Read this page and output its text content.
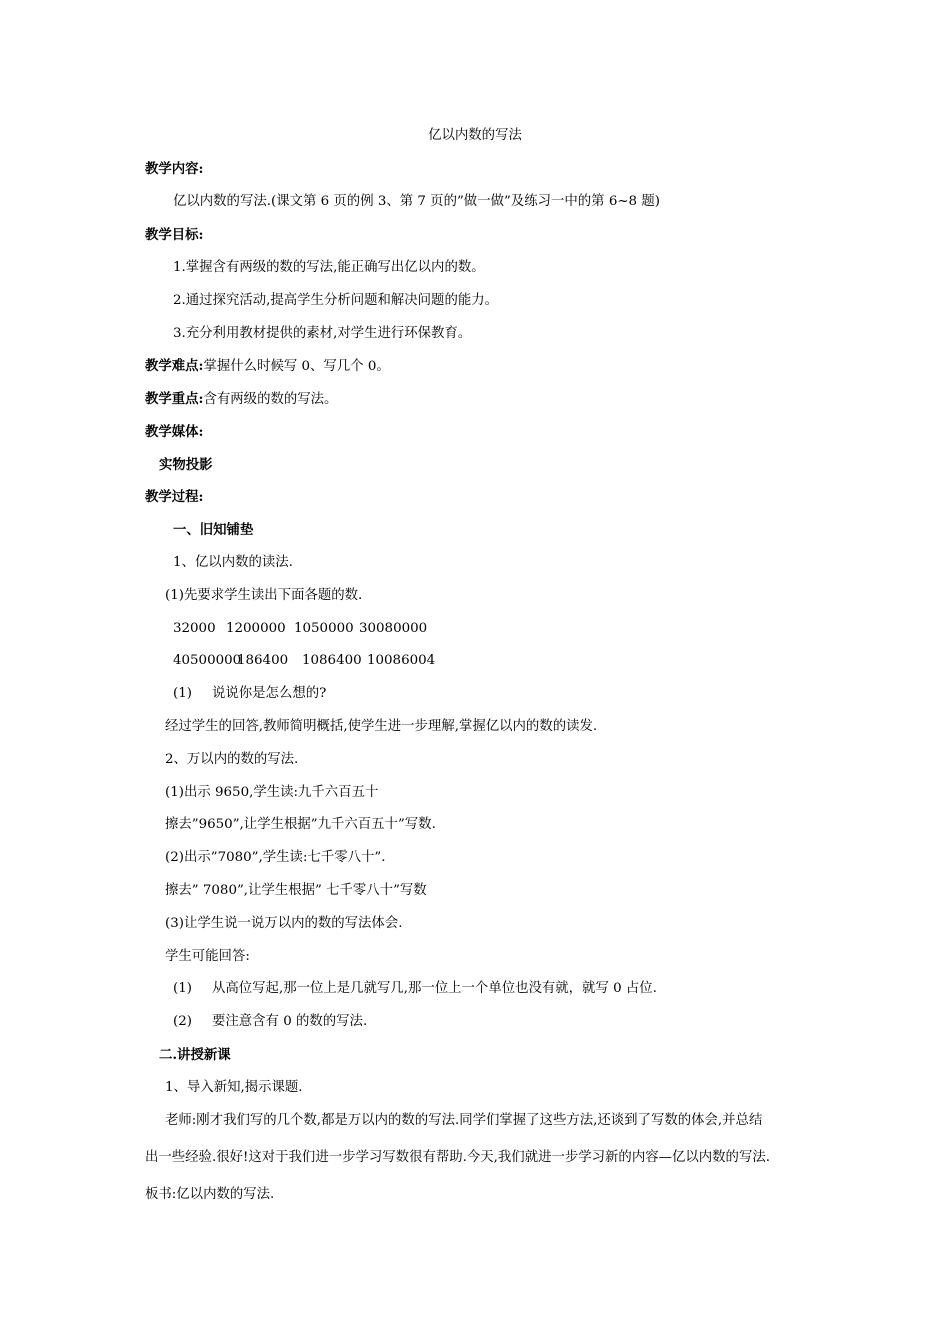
亿以内数的写法
教学内容:
亿以内数的写法.(课文第 6 页的例 3、第 7 页的”做一做”及练习一中的第 6~8 题)
教学目标:
1.掌握含有两级的数的写法,能正确写出亿以内的数。
2.通过探究活动,提高学生分析问题和解决问题的能力。
3.充分利用教材提供的素材,对学生进行环保教育。
教学难点:掌握什么时候写 0、写几个 0。
教学重点:含有两级的数的写法。
教学媒体:
实物投影
教学过程:
一、旧知铺垫
1、亿以内数的读法.
(1)先要求学生读出下面各题的数.
32000 1200000 1050000 30080000
40500000186400 1086400 10086004
(1) 说说你是怎么想的?
经过学生的回答,教师简明概括,使学生进一步理解,掌握亿以内的数的读发.
2、万以内的数的写法.
(1)出示 9650,学生读:九千六百五十
擦去”9650”,让学生根据”九千六百五十”写数.
(2)出示”7080”,学生读:七千零八十”.
擦去” 7080”,让学生根据” 七千零八十”写数
(3)让学生说一说万以内的数的写法体会.
学生可能回答:
(1) 从高位写起,那一位上是几就写几,那一位上一个单位也没有就，就写 0 占位.
(2) 要注意含有 0 的数的写法.
二.讲授新课
1、导入新知,揭示课题.
老师:刚才我们写的几个数,都是万以内的数的写法.同学们掌握了这些方法,还谈到了写数的体会,并总结
出一些经验.很好!这对于我们进一步学习写数很有帮助.今天,我们就进一步学习新的内容—亿以内数的写法.
板书:亿以内数的写法.
